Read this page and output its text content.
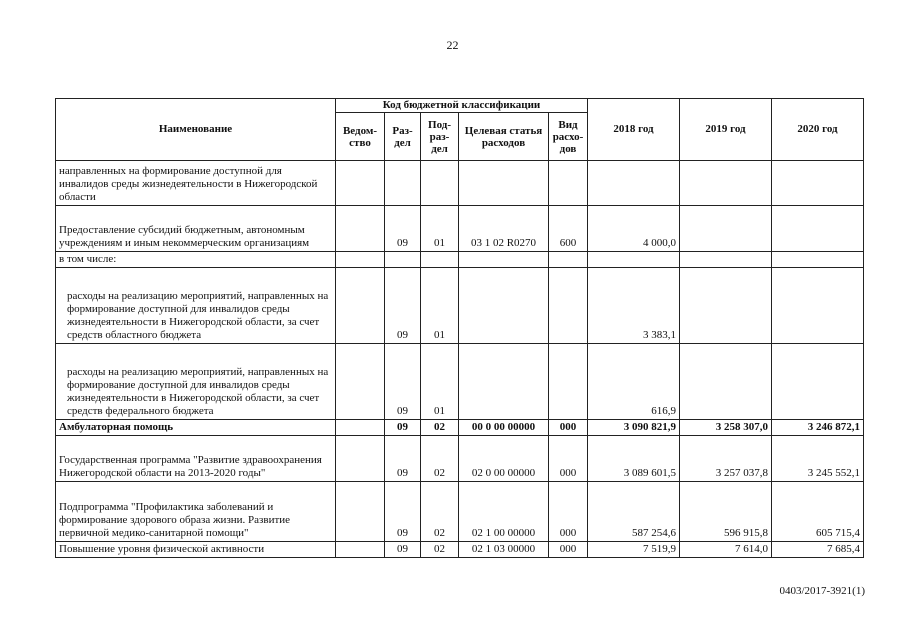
22
Наименование	Код бюджетной классификации					2018 год	2019 год	2020 год
	Ведом-ство	Раз-дел	Под-раз-дел	Целевая статья расходов	Вид расхо-дов			
направленных на формирование доступной для инвалидов среды жизнедеятельности в Нижегородской области								
Предоставление субсидий бюджетным, автономным учреждениям и иным некоммерческим организациям		09	01	03 1 02 R0270	600	4 000,0		
в том числе:								
расходы на реализацию мероприятий, направленных на формирование доступной для инвалидов среды жизнедеятельности в Нижегородской области, за счет средств областного бюджета		09	01			3 383,1		
расходы на реализацию мероприятий, направленных на формирование доступной для инвалидов среды жизнедеятельности в Нижегородской области, за счет средств федерального бюджета		09	01			616,9		
Амбулаторная помощь		09	02	00 0 00 00000	000	3 090 821,9	3 258 307,0	3 246 872,1
Государственная программа "Развитие здравоохранения Нижегородской области на 2013-2020 годы"		09	02	02 0 00 00000	000	3 089 601,5	3 257 037,8	3 245 552,1
Подпрограмма "Профилактика заболеваний и формирование здорового образа жизни. Развитие первичной медико-санитарной помощи"		09	02	02 1 00 00000	000	587 254,6	596 915,8	605 715,4
Повышение уровня физической активности		09	02	02 1 03 00000	000	7 519,9	7 614,0	7 685,4
0403/2017-3921(1)
